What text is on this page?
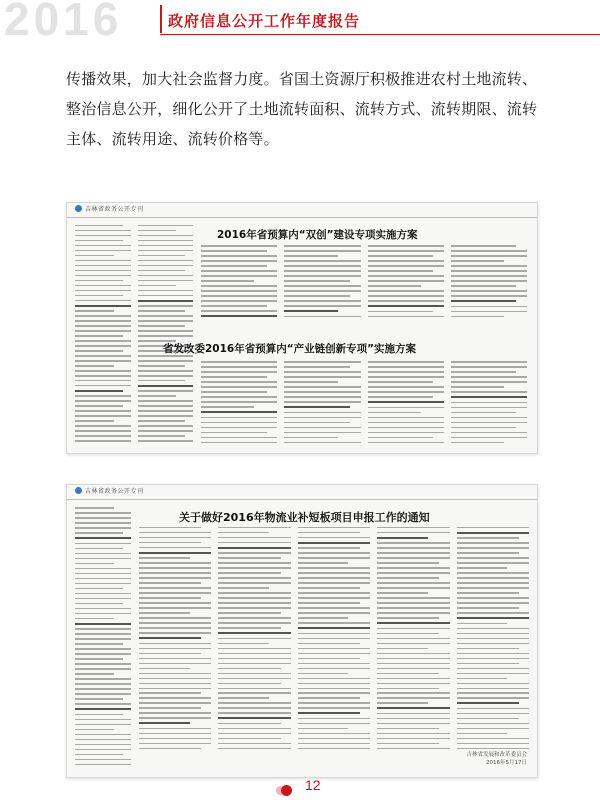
2016	政府信息公开工作年度报告
传播效果，加大社会监督力度。省国土资源厅积极推进农村土地流转、整治信息公开，细化公开了土地流转面积、流转方式、流转期限、流转主体、流转用途、流转价格等。
吉林省政务公开专刊
2016年省预算内“双创”建设专项实施方案
省发改委2016年省预算内“产业链创新专项”实施方案
吉林省政务公开专刊
关于做好2016年物流业补短板项目申报工作的通知
吉林省发展和改革委员会
2016年5月17日
12
